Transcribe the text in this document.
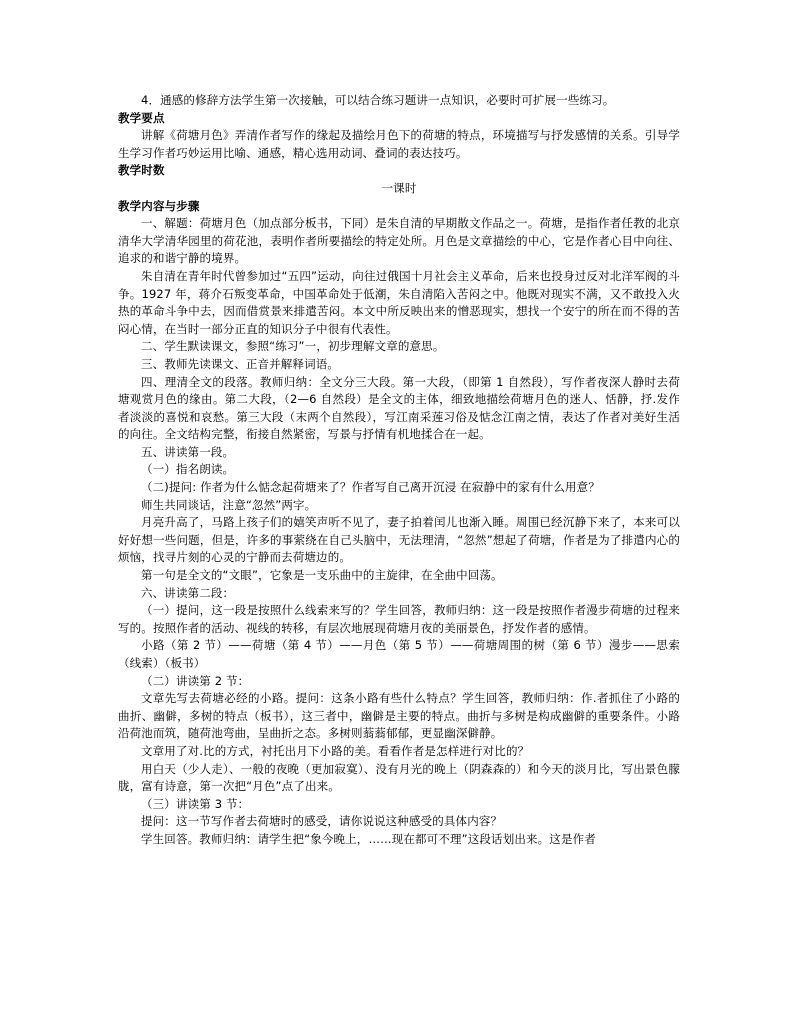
4．通感的修辞方法学生第一次接触，可以结合练习题讲一点知识，必要时可扩展一些练习。

教学要点

讲解《荷塘月色》弄清作者写作的缘起及描绘月色下的荷塘的特点，环境描写与抒发感情的关系。引导学生学习作者巧妙运用比喻、通感，精心选用动词、叠词的表达技巧。

教学时数

一课时

教学内容与步骤

一、解题：荷塘月色（加点部分板书，下同）是朱自清的早期散文作品之一。荷塘，是指作者任教的北京清华大学清华园里的荷花池，表明作者所要描绘的特定处所。月色是文章描绘的中心，它是作者心目中向往、追求的和谐宁静的境界。

朱自清在青年时代曾参加过“五四”运动，向往过俄国十月社会主义革命，后来也投身过反对北洋军阀的斗争。1927 年，蒋介石叛变革命，中国革命处于低潮，朱自清陷入苦闷之中。他既对现实不满，又不敢投入火热的革命斗争中去，因而借赏景来排遣苦闷。本文中所反映出来的憎恶现实，想找一个安宁的所在而不得的苦闷心情，在当时一部分正直的知识分子中很有代表性。

二、学生默读课文，参照“练习”一，初步理解文章的意思。

三、教师先读课文、正音并解释词语。

四、理清全文的段落。教师归纳：全文分三大段。第一大段，（即第 1 自然段），写作者夜深人静时去荷塘观赏月色的缘由。第二大段，（2—6 自然段）是全文的主体，细致地描绘荷塘月色的迷人、恬静，抒.发作者淡淡的喜悦和哀愁。第三大段（末两个自然段），写江南采莲习俗及惦念江南之情，表达了作者对美好生活的向往。全文结构完整，衔接自然紧密，写景与抒情有机地揉合在一起。

五、讲读第一段。

（一）指名朗读。

（二)提问: 作者为什么惦念起荷塘来了？作者写自己离开沉浸 在寂静中的家有什么用意？

师生共同谈话，注意“忽然”两字。

月亮升高了，马路上孩子们的嬉笑声听不见了，妻子拍着闰儿也渐入睡。周围已经沉静下来了，本来可以好好想一些问题，但是，许多的事萦绕在自己头脑中，无法理清，“忽然”想起了荷塘，作者是为了排遣内心的烦恼，找寻片刻的心灵的宁静而去荷塘边的。

第一句是全文的“文眼”，它象是一支乐曲中的主旋律，在全曲中回荡。

六、讲读第二段：

（一）提问，这一段是按照什么线索来写的？学生回答，教师归纳：这一段是按照作者漫步荷塘的过程来写的。按照作者的活动、视线的转移，有层次地展现荷塘月夜的美丽景色，抒发作者的感情。

小路（第 2 节）——荷塘（第 4 节）——月色（第 5 节）——荷塘周围的树（第 6 节）漫步——思索（线索）（板书）

（二）讲读第 2 节：

文章先写去荷塘必经的小路。提问：这条小路有些什么特点？学生回答，教师归纳：作.者抓住了小路的曲折、幽僻，多树的特点（板书），这三者中，幽僻是主要的特点。曲折与多树是构成幽僻的重要条件。小路沿荷池而筑，随荷池弯曲，呈曲折之态。多树则蓊蓊郁郁，更显幽深僻静。

文章用了对.比的方式，衬托出月下小路的美。看看作者是怎样进行对比的？

用白天（少人走）、一般的夜晚（更加寂寞）、没有月光的晚上（阴森森的）和今天的淡月比，写出景色朦胧，富有诗意，第一次把“月色”点了出来。

（三）讲读第 3 节：

提问：这一节写作者去荷塘时的感受，请你说说这种感受的具体内容？

学生回答。教师归纳：请学生把“象今晚上，……现在都可不理”这段话划出来。这是作者
